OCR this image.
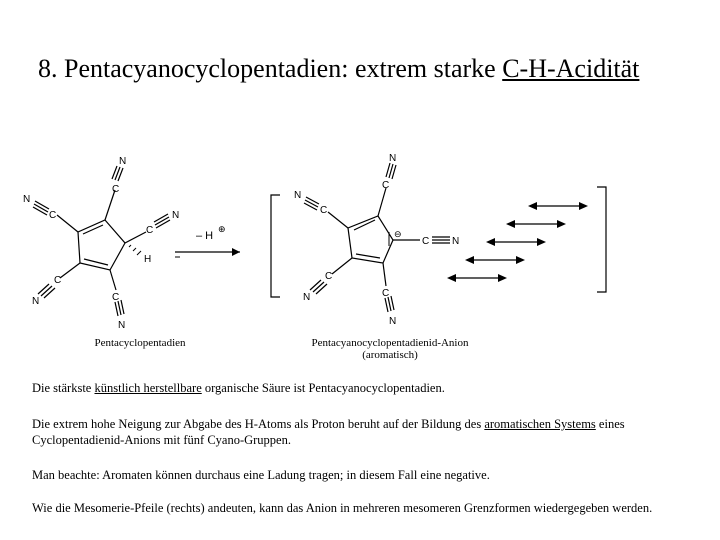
8. Pentacyanocyclopentadien: extrem starke C-H-Acidität
N
C
N
C
C
N
H
C
N	C
N
– H
⊕
N
C
N
C
⊖
C N
C
N	C
N
Pentacyclopentadien	Pentacyanocyclopentadienid-Anion
(aromatisch)
Die stärkste künstlich herstellbare organische Säure ist Pentacyanocyclopentadien.
Die extrem hohe Neigung zur Abgabe des H-Atoms als Proton beruht auf der Bildung des aromatischen Systems eines Cyclopentadienid-Anions mit fünf Cyano-Gruppen.
Man beachte: Aromaten können durchaus eine Ladung tragen; in diesem Fall eine negative.
Wie die Mesomerie-Pfeile (rechts) andeuten, kann das Anion in mehreren mesomeren Grenzformen wiedergegeben werden.
